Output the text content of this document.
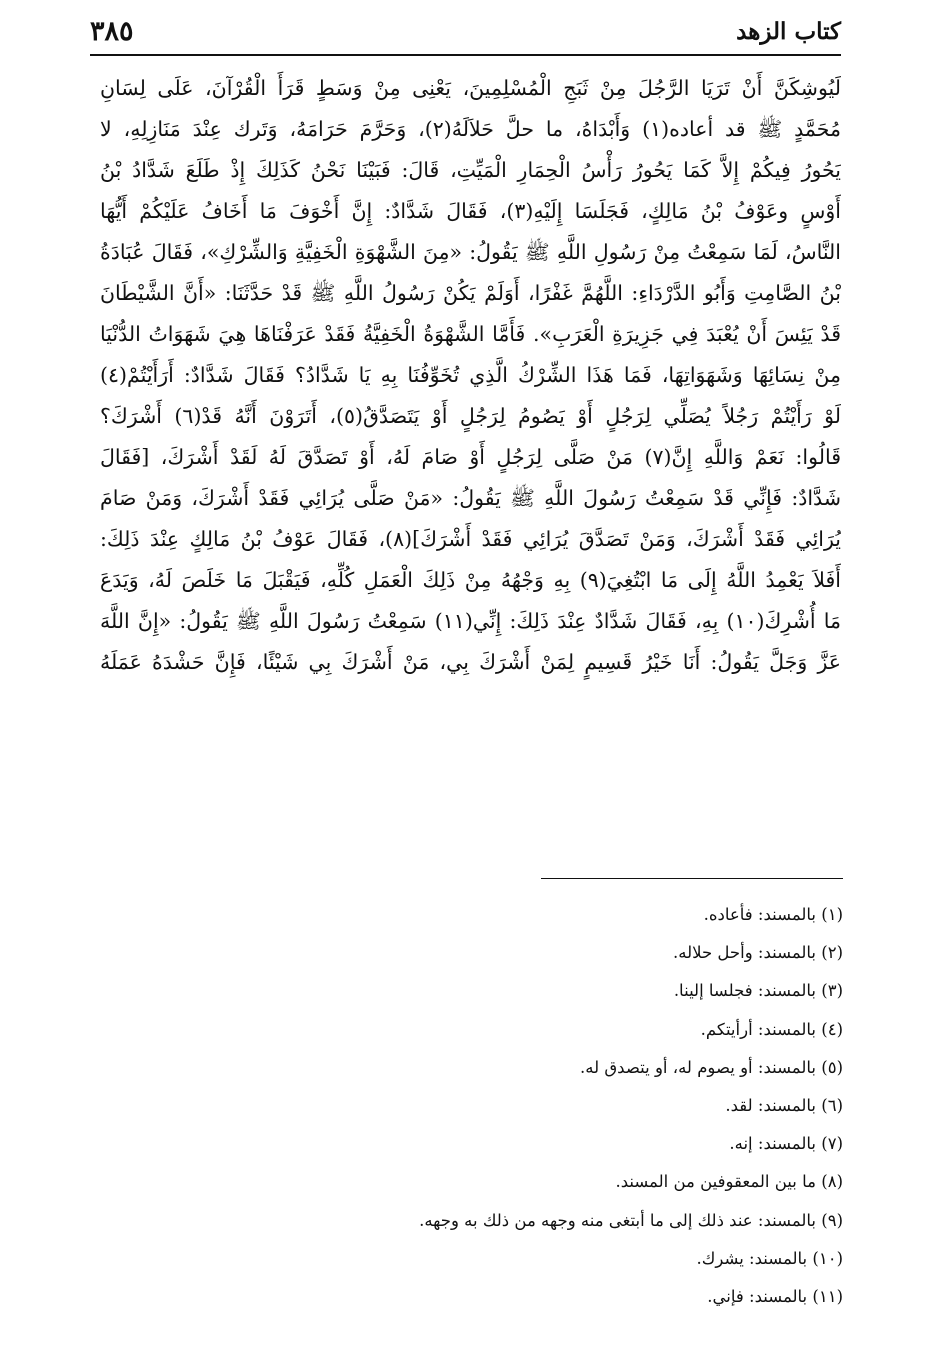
كتاب الزهد
٣٨٥
لَيُوشِكَنَّ أَنْ تَرَيَا الرَّجُلَ مِنْ ثَبَجِ الْمُسْلِمِينَ، يَعْنِى مِنْ وَسَطٍ قَرَأَ الْقُرْآنَ، عَلَى لِسَانِ
مُحَمَّدٍ ﷺ قد أعاده(١) وَأَبْدَاهُ، ما حلَّ حَلاَلَهُ(٢)، وَحَرَّمَ حَرَامَهُ، وَتَرك عِنْدَ مَنَازِلِهِ، لا
يَحُورُ فِيكُمْ إِلاَّ كَمَا يَحُورُ رَأْسُ الْحِمَارِ الْمَيِّتِ، قَالَ: فَبَيْنَا نَحْنُ كَذَلِكَ إِذْ طَلَعَ شَدَّادُ بْنُ
أَوْسٍ وعَوْفُ بْنُ مَالِكٍ، فَجَلَسَا إِلَيْهِ(٣)، فَقَالَ شَدَّادٌ: إِنَّ أَخْوَفَ مَا أَخَافُ عَلَيْكُمْ أَيُّهَا
النَّاسُ، لَمَا سَمِعْتُ مِنْ رَسُولِ اللَّهِ ﷺ يَقُولُ: «مِنَ الشَّهْوَةِ الْخَفِيَّةِ وَالشِّرْكِ»، فَقَالَ عُبَادَةُ
بْنُ الصَّامِتِ وَأَبُو الدَّرْدَاءِ: اللَّهُمَّ غَفْرًا، أَوَلَمْ يَكُنْ رَسُولُ اللَّهِ ﷺ قَدْ حَدَّثَنَا: «أَنَّ الشَّيْطَانَ
قَدْ يَئِسَ أَنْ يُعْبَدَ فِي جَزِيرَةِ الْعَرَبِ». فَأَمَّا الشَّهْوَةُ الْخَفِيَّةُ فَقَدْ عَرَفْنَاهَا هِيَ شَهَوَاتُ الدُّنْيَا
مِنْ نِسَائِهَا وَشَهَوَاتِهَا، فَمَا هَذَا الشِّرْكُ الَّذِي تُخَوِّفُنَا بِهِ يَا شَدَّادُ؟ فَقَالَ شَدَّادٌ: أَرَأَيْتُمْ(٤)
لَوْ رَأَيْتُمْ رَجُلاً يُصَلِّي لِرَجُلٍ أَوْ يَصُومُ لِرَجُلٍ أَوْ يَتَصَدَّقُ(٥)، أَتَرَوْنَ أَنَّهُ قَدْ(٦) أَشْرَكَ؟
قَالُوا: نَعَمْ وَاللَّهِ إِنَّ(٧) مَنْ صَلَّى لِرَجُلٍ أَوْ صَامَ لَهُ، أَوْ تَصَدَّقَ لَهُ لَقَدْ أَشْرَكَ، [فَقَالَ
شَدَّادٌ: فَإِنِّي قَدْ سَمِعْتُ رَسُولَ اللَّهِ ﷺ يَقُولُ: «مَنْ صَلَّى يُرَائِي فَقَدْ أَشْرَكَ، وَمَنْ صَامَ
يُرَائِي فَقَدْ أَشْرَكَ، وَمَنْ تَصَدَّقَ يُرَائِي فَقَدْ أَشْرَكَ](٨)، فَقَالَ عَوْفُ بْنُ مَالِكٍ عِنْدَ ذَلِكَ:
أَفَلاَ يَعْمِدُ اللَّهُ إِلَى مَا ابْتُغِيَ(٩) بِهِ وَجْهُهُ مِنْ ذَلِكَ الْعَمَلِ كُلِّهِ، فَيَقْبَلَ مَا خَلَصَ لَهُ، وَيَدَعَ
مَا أُشْرِكَ(١٠) بِهِ، فَقَالَ شَدَّادٌ عِنْدَ ذَلِكَ: إِنِّي(١١) سَمِعْتُ رَسُولَ اللَّهِ ﷺ يَقُولُ: «إِنَّ اللَّهَ
عَزَّ وَجَلَّ يَقُولُ: أَنَا خَيْرُ قَسِيمٍ لِمَنْ أَشْرَكَ بِي، مَنْ أَشْرَكَ بِي شَيْئًا، فَإِنَّ حَشْدَهُ عَمَلَهُ
(١) بالمسند: فأعاده.
(٢) بالمسند: وأحل حلاله.
(٣) بالمسند: فجلسا إلينا.
(٤) بالمسند: أرأيتكم.
(٥) بالمسند: أو يصوم له، أو يتصدق له.
(٦) بالمسند: لقد.
(٧) بالمسند: إنه.
(٨) ما بين المعقوفين من المسند.
(٩) بالمسند: عند ذلك إلى ما أبتغى منه وجهه من ذلك به وجهه.
(١٠) بالمسند: يشرك.
(١١) بالمسند: فإني.
